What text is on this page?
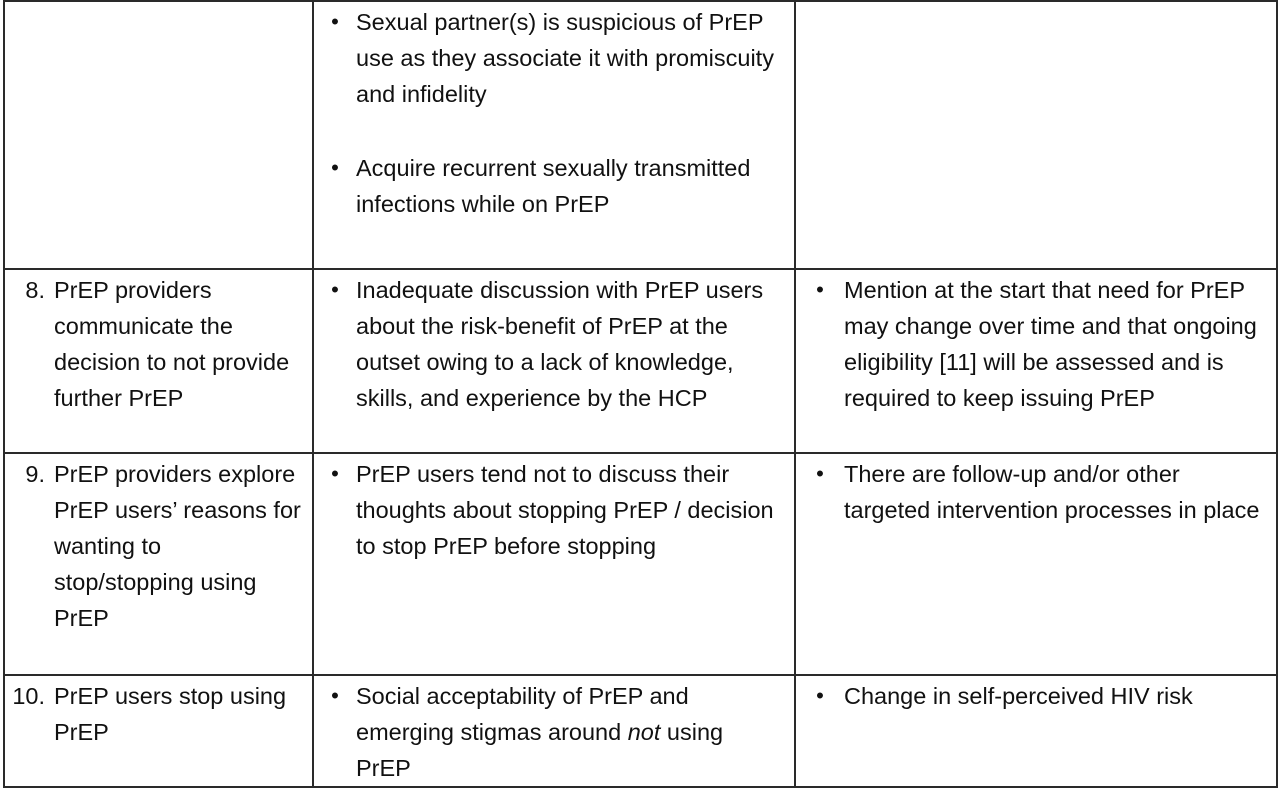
	• Sexual partner(s) is suspicious of PrEP use as they associate it with promiscuity and infidelity
• Acquire recurrent sexually transmitted infections while on PrEP	

8. PrEP providers communicate the decision to not provide further PrEP	• Inadequate discussion with PrEP users about the risk-benefit of PrEP at the outset owing to a lack of knowledge, skills, and experience by the HCP	• Mention at the start that need for PrEP may change over time and that ongoing eligibility [11] will be assessed and is required to keep issuing PrEP

9. PrEP providers explore PrEP users’ reasons for wanting to stop/stopping using PrEP	• PrEP users tend not to discuss their thoughts about stopping PrEP / decision to stop PrEP before stopping	• There are follow-up and/or other targeted intervention processes in place

10. PrEP users stop using PrEP	• Social acceptability of PrEP and emerging stigmas around not using PrEP	• Change in self-perceived HIV risk
